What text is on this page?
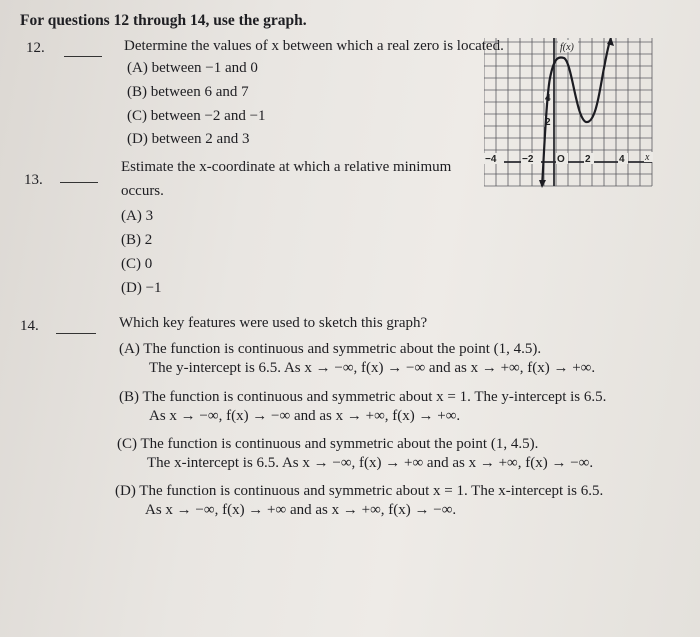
For questions 12 through 14, use the graph.
12.	Determine the values of x between which a real zero is located.
(A) between −1 and 0
(B) between 6 and 7
(C) between −2 and −1
(D) between 2 and 3
13.
Estimate the x-coordinate at which a relative minimum
occurs.
(A) 3
(B) 2
(C) 0
(D) −1
14.	Which key features were used to sketch this graph?
(A) The function is continuous and symmetric about the point (1, 4.5).
The y-intercept is 6.5. As x → −∞, f(x) → −∞ and as x → +∞, f(x) → +∞.
(B) The function is continuous and symmetric about x = 1. The y-intercept is 6.5.
As x → −∞, f(x) → −∞ and as x → +∞, f(x) → +∞.
(C) The function is continuous and symmetric about the point (1, 4.5).
The x-intercept is 6.5. As x → −∞, f(x) → +∞ and as x → +∞, f(x) → −∞.
(D) The function is continuous and symmetric about x = 1. The x-intercept is 6.5.
As x → −∞, f(x) → +∞ and as x → +∞, f(x) → −∞.
f(x)
x
4
2
−4	−2 O 2	4
